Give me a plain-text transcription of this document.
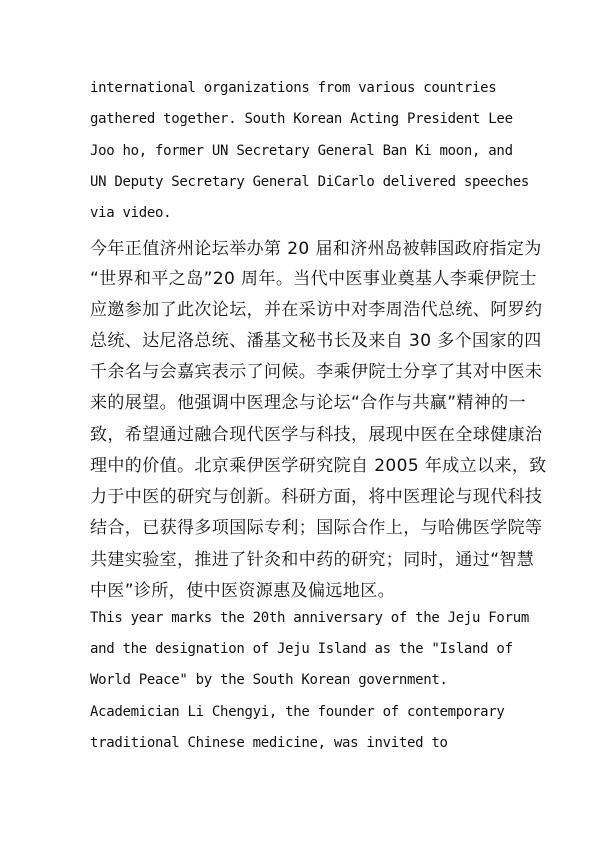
international organizations from various countries
gathered together. South Korean Acting President Lee
Joo ho, former UN Secretary General Ban Ki moon, and
UN Deputy Secretary General DiCarlo delivered speeches
via video.
今年正值济州论坛举办第 20 届和济州岛被韩国政府指定为
“世界和平之岛”20 周年。当代中医事业奠基人李乘伊院士
应邀参加了此次论坛，并在采访中对李周浩代总统、阿罗约
总统、达尼洛总统、潘基文秘书长及来自 30 多个国家的四
千余名与会嘉宾表示了问候。李乘伊院士分享了其对中医未
来的展望。他强调中医理念与论坛“合作与共赢”精神的一
致，希望通过融合现代医学与科技，展现中医在全球健康治
理中的价值。北京乘伊医学研究院自 2005 年成立以来，致
力于中医的研究与创新。科研方面，将中医理论与现代科技
结合，已获得多项国际专利；国际合作上，与哈佛医学院等
共建实验室，推进了针灸和中药的研究；同时，通过“智慧
中医”诊所，使中医资源惠及偏远地区。
This year marks the 20th anniversary of the Jeju Forum
and the designation of Jeju Island as the "Island of
World Peace" by the South Korean government.
Academician Li Chengyi, the founder of contemporary
traditional Chinese medicine, was invited to
